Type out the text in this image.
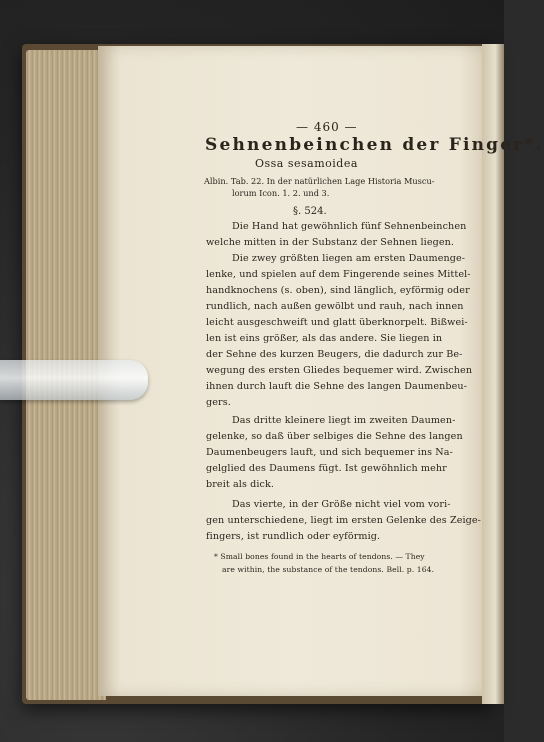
— 460 —
Sehnenbeinchen der Finger*.
Ossa sesamoidea
Albin. Tab. 22. In der natürlichen Lage Historia Muscu-
lorum Icon. 1. 2. und 3.
§. 524.
Die Hand hat gewöhnlich fünf Sehnenbeinchen
welche mitten in der Substanz der Sehnen liegen.
Die zwey größten liegen am ersten Daumenge-
lenke, und spielen auf dem Fingerende seines Mittel-
handknochens (s. oben), sind länglich, eyförmig oder
rundlich, nach außen gewölbt und rauh, nach innen
leicht ausgeschweift und glatt überknorpelt. Bißwei-
len ist eins größer, als das andere. Sie liegen in
der Sehne des kurzen Beugers, die dadurch zur Be-
wegung des ersten Gliedes bequemer wird. Zwischen
ihnen durch lauft die Sehne des langen Daumenbeu-
gers.
Das dritte kleinere liegt im zweiten Daumen-
gelenke, so daß über selbiges die Sehne des langen
Daumenbeugers lauft, und sich bequemer ins Na-
gelglied des Daumens fügt. Ist gewöhnlich mehr
breit als dick.
Das vierte, in der Größe nicht viel vom vori-
gen unterschiedene, liegt im ersten Gelenke des Zeige-
fingers, ist rundlich oder eyförmig.
* Small bones found in the hearts of tendons. — They
are within, the substance of the tendons. Bell. p. 164.
